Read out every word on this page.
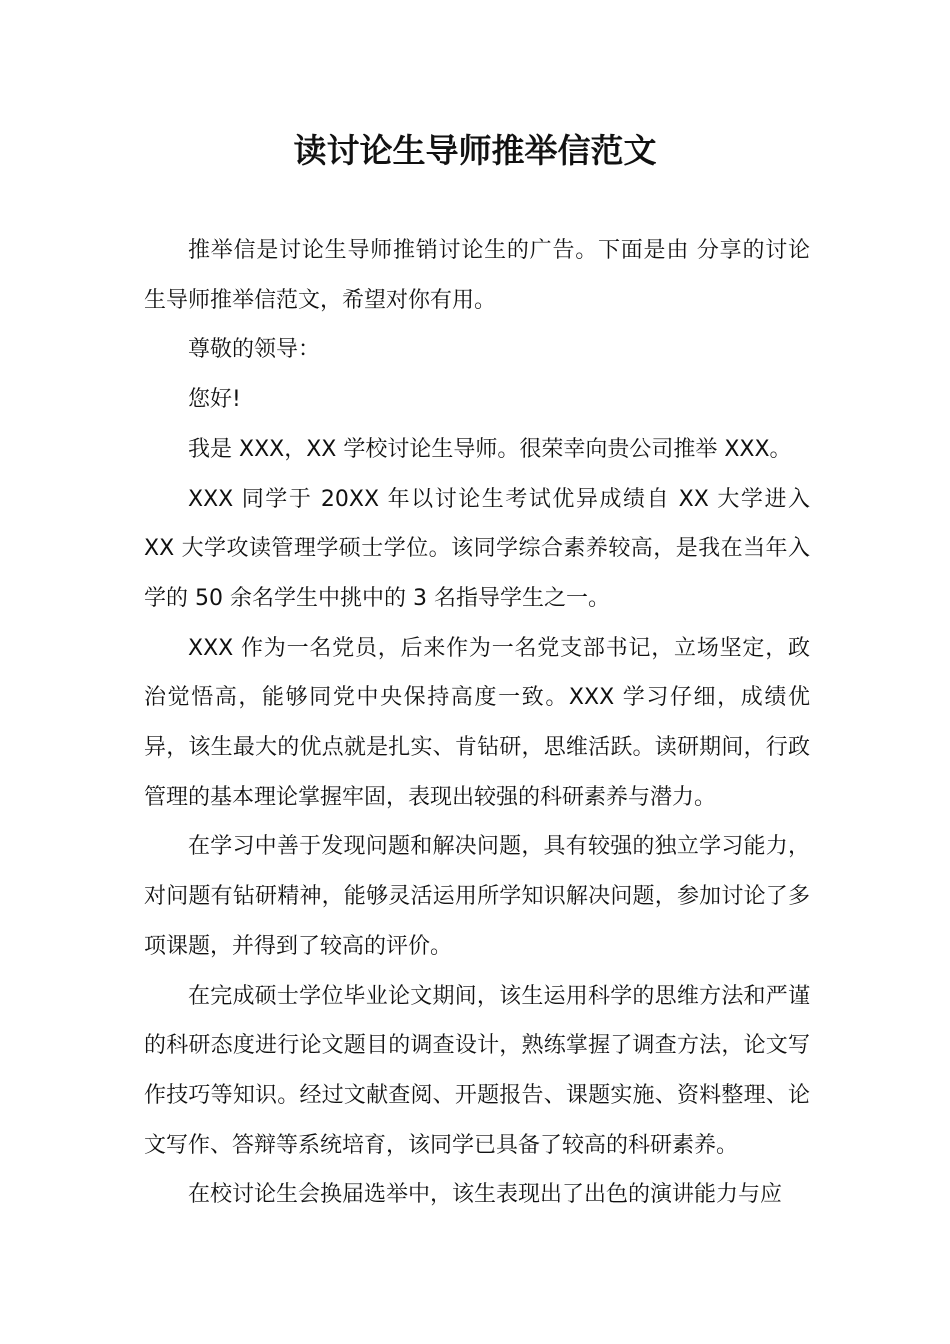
读讨论生导师推举信范文

推举信是讨论生导师推销讨论生的广告。下面是由 分享的讨论生导师推举信范文，希望对你有用。

尊敬的领导：

您好!

我是 XXX，XX 学校讨论生导师。很荣幸向贵公司推举 XXX。

XXX 同学于 20XX 年以讨论生考试优异成绩自 XX 大学进入 XX 大学攻读管理学硕士学位。该同学综合素养较高，是我在当年入学的 50 余名学生中挑中的 3 名指导学生之一。

XXX 作为一名党员，后来作为一名党支部书记，立场坚定，政治觉悟高，能够同党中央保持高度一致。XXX 学习仔细，成绩优异，该生最大的优点就是扎实、肯钻研，思维活跃。读研期间，行政管理的基本理论掌握牢固，表现出较强的科研素养与潜力。

在学习中善于发现问题和解决问题，具有较强的独立学习能力，对问题有钻研精神，能够灵活运用所学知识解决问题，参加讨论了多项课题，并得到了较高的评价。

在完成硕士学位毕业论文期间，该生运用科学的思维方法和严谨的科研态度进行论文题目的调查设计，熟练掌握了调查方法，论文写作技巧等知识。经过文献查阅、开题报告、课题实施、资料整理、论文写作、答辩等系统培育，该同学已具备了较高的科研素养。

在校讨论生会换届选举中，该生表现出了出色的演讲能力与应
